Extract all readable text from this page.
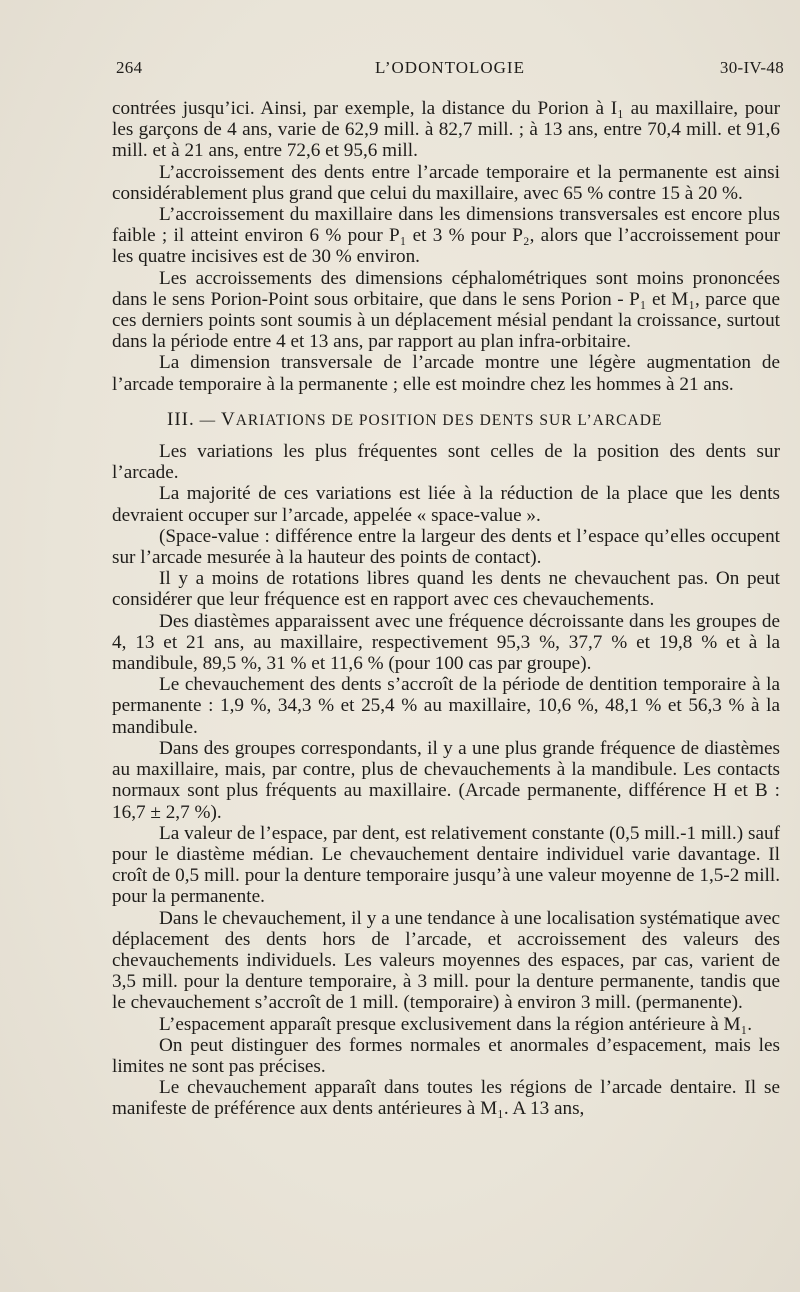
264	L’ODONTOLOGIE	30-IV-48

contrées jusqu’ici. Ainsi, par exemple, la distance du Porion à I₁ au maxillaire, pour les garçons de 4 ans, varie de 62,9 mill. à 82,7 mill. ; à 13 ans, entre 70,4 mill. et 91,6 mill. et à 21 ans, entre 72,6 et 95,6 mill.

L’accroissement des dents entre l’arcade temporaire et la permanente est ainsi considérablement plus grand que celui du maxillaire, avec 65 % contre 15 à 20 %.

L’accroissement du maxillaire dans les dimensions transversales est encore plus faible ; il atteint environ 6 % pour P₁ et 3 % pour P₂, alors que l’accroissement pour les quatre incisives est de 30 % environ.

Les accroissements des dimensions céphalométriques sont moins prononcées dans le sens Porion-Point sous orbitaire, que dans le sens Porion - P₁ et M₁, parce que ces derniers points sont soumis à un déplacement mésial pendant la croissance, surtout dans la période entre 4 et 13 ans, par rapport au plan infra-orbitaire.

La dimension transversale de l’arcade montre une légère augmentation de l’arcade temporaire à la permanente ; elle est moindre chez les hommes à 21 ans.

III. — VARIATIONS DE POSITION DES DENTS SUR L’ARCADE

Les variations les plus fréquentes sont celles de la position des dents sur l’arcade.

La majorité de ces variations est liée à la réduction de la place que les dents devraient occuper sur l’arcade, appelée « space-value ».

(Space-value : différence entre la largeur des dents et l’espace qu’elles occupent sur l’arcade mesurée à la hauteur des points de contact).

Il y a moins de rotations libres quand les dents ne chevauchent pas. On peut considérer que leur fréquence est en rapport avec ces chevauchements.

Des diastèmes apparaissent avec une fréquence décroissante dans les groupes de 4, 13 et 21 ans, au maxillaire, respectivement 95,3 %, 37,7 % et 19,8 % et à la mandibule, 89,5 %, 31 % et 11,6 % (pour 100 cas par groupe).

Le chevauchement des dents s’accroît de la période de dentition temporaire à la permanente : 1,9 %, 34,3 % et 25,4 % au maxillaire, 10,6 %, 48,1 % et 56,3 % à la mandibule.

Dans des groupes correspondants, il y a une plus grande fréquence de diastèmes au maxillaire, mais, par contre, plus de chevauchements à la mandibule. Les contacts normaux sont plus fréquents au maxillaire. (Arcade permanente, différence H et B : 16,7 ± 2,7 %).

La valeur de l’espace, par dent, est relativement constante (0,5 mill.-1 mill.) sauf pour le diastème médian. Le chevauchement dentaire individuel varie davantage. Il croît de 0,5 mill. pour la denture temporaire jusqu’à une valeur moyenne de 1,5-2 mill. pour la permanente.

Dans le chevauchement, il y a une tendance à une localisation systématique avec déplacement des dents hors de l’arcade, et accroissement des valeurs des chevauchements individuels. Les valeurs moyennes des espaces, par cas, varient de 3,5 mill. pour la denture temporaire, à 3 mill. pour la denture permanente, tandis que le chevauchement s’accroît de 1 mill. (temporaire) à environ 3 mill. (permanente).

L’espacement apparaît presque exclusivement dans la région antérieure à M₁.

On peut distinguer des formes normales et anormales d’espacement, mais les limites ne sont pas précises.

Le chevauchement apparaît dans toutes les régions de l’arcade dentaire. Il se manifeste de préférence aux dents antérieures à M₁. A 13 ans,
